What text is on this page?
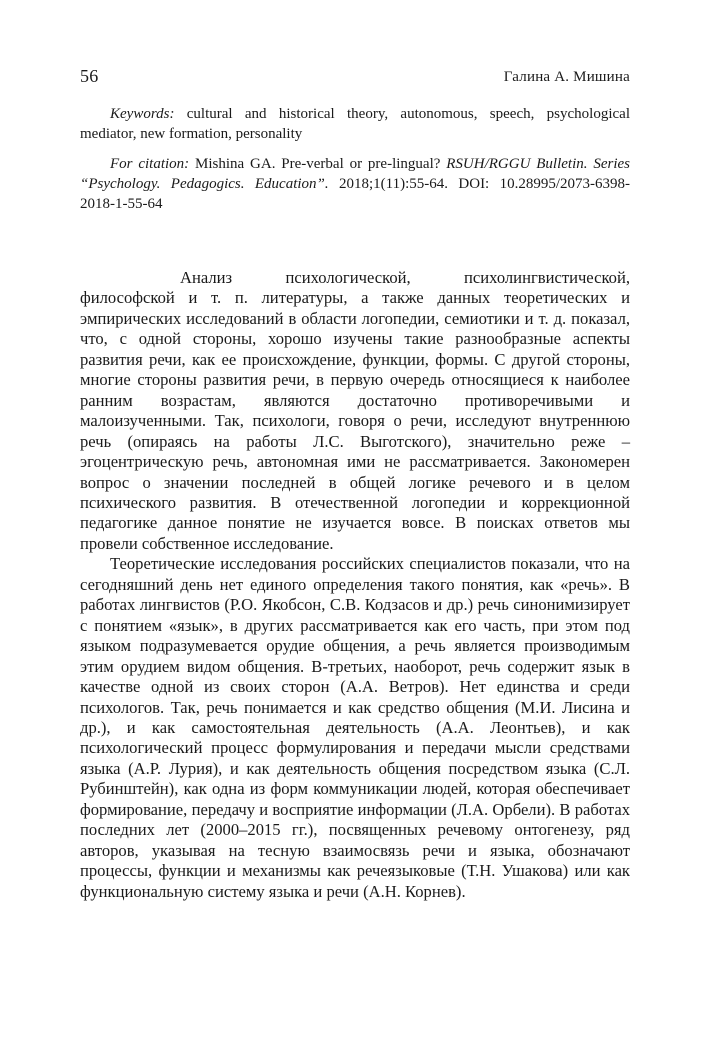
56	Галина А. Мишина

Keywords: cultural and historical theory, autonomous, speech, psychological mediator, new formation, personality

For citation: Mishina GA. Pre-verbal or pre-lingual? RSUH/RGGU Bulletin. Series “Psychology. Pedagogics. Education”. 2018;1(11):55-64. DOI: 10.28995/2073-6398-2018-1-55-64

Анализ психологической, психолингвистической, философской и т. п. литературы, а также данных теоретических и эмпирических исследований в области логопедии, семиотики и т. д. показал, что, с одной стороны, хорошо изучены такие разнообразные аспекты развития речи, как ее происхождение, функции, формы. С другой стороны, многие стороны развития речи, в первую очередь относящиеся к наиболее ранним возрастам, являются достаточно противоречивыми и малоизученными. Так, психологи, говоря о речи, исследуют внутреннюю речь (опираясь на работы Л.С. Выготского), значительно реже – эгоцентрическую речь, автономная ими не рассматривается. Закономерен вопрос о значении последней в общей логике речевого и в целом психического развития. В отечественной логопедии и коррекционной педагогике данное понятие не изучается вовсе. В поисках ответов мы провели собственное исследование.

Теоретические исследования российских специалистов показали, что на сегодняшний день нет единого определения такого понятия, как «речь». В работах лингвистов (Р.О. Якобсон, С.В. Кодзасов и др.) речь синонимизирует с понятием «язык», в других рассматривается как его часть, при этом под языком подразумевается орудие общения, а речь является производимым этим орудием видом общения. В-третьих, наоборот, речь содержит язык в качестве одной из своих сторон (А.А. Ветров). Нет единства и среди психологов. Так, речь понимается и как средство общения (М.И. Лисина и др.), и как самостоятельная деятельность (А.А. Леонтьев), и как психологический процесс формулирования и передачи мысли средствами языка (А.Р. Лурия), и как деятельность общения посредством языка (С.Л. Рубинштейн), как одна из форм коммуникации людей, которая обеспечивает формирование, передачу и восприятие информации (Л.А. Орбели). В работах последних лет (2000–2015 гг.), посвященных речевому онтогенезу, ряд авторов, указывая на тесную взаимосвязь речи и языка, обозначают процессы, функции и механизмы как речеязыковые (Т.Н. Ушакова) или как функциональную систему языка и речи (А.Н. Корнев).
